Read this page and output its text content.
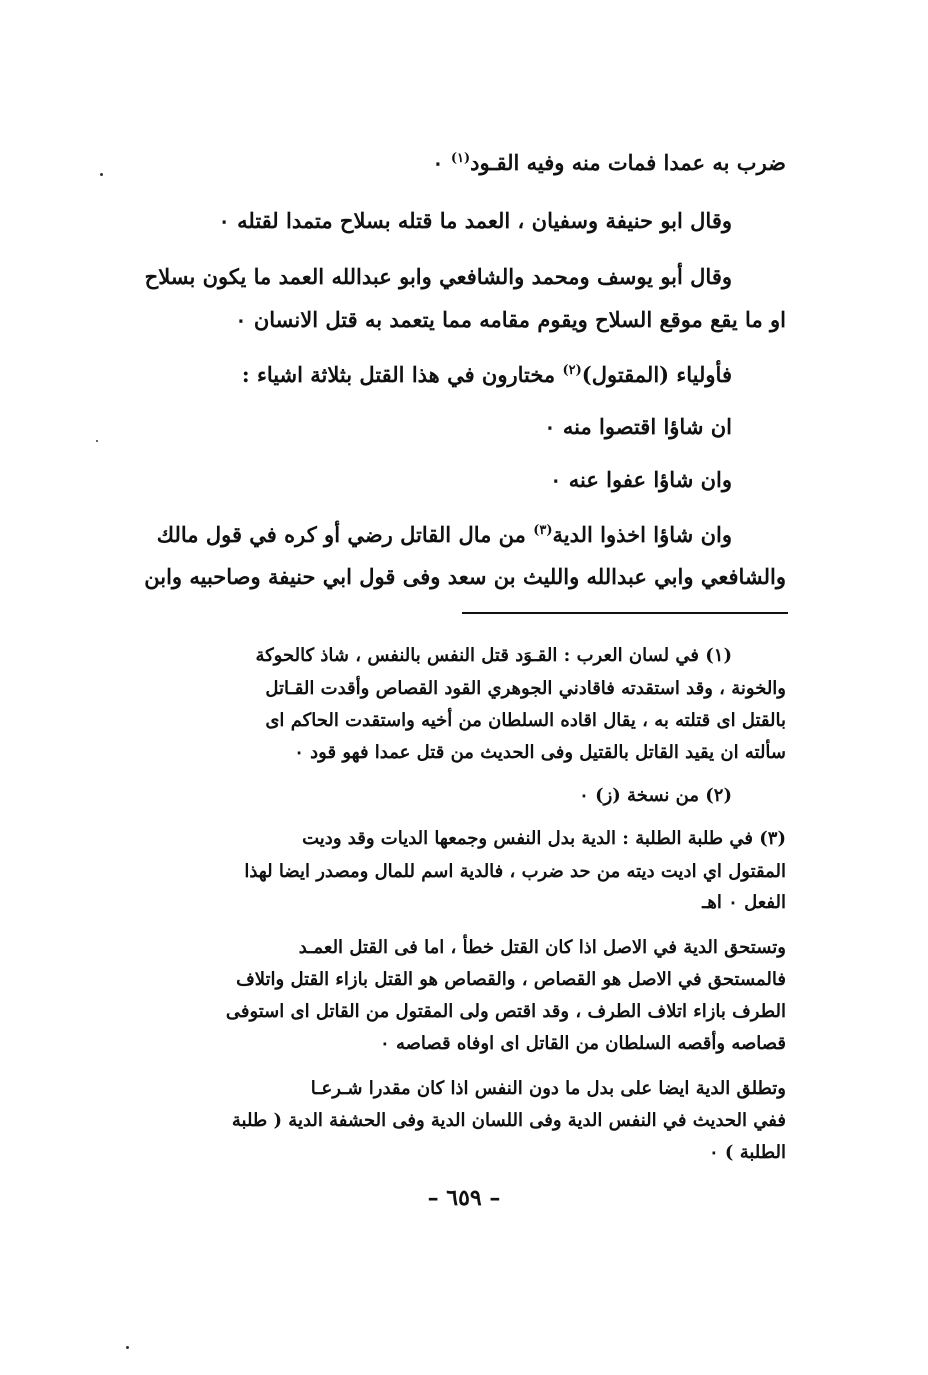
ضرب به عمدا فمات منه وفيه القـود$^{(١)}$ ٠
وقال ابو حنيفة وسفيان ، العمد ما قتله بسلاح متمدا لقتله ٠
وقال أبو يوسف ومحمد والشافعي وابو عبدالله العمد ما يكون بسلاح
او ما يقع موقع السلاح ويقوم مقامه مما يتعمد به قتل الانسان ٠
فأولياء (المقتول)$^{(٢)}$ مختارون في هذا القتل بثلاثة اشياء :
ان شاؤا اقتصوا منه ٠
وان شاؤا عفوا عنه ٠
وان شاؤا اخذوا الدية$^{(٣)}$ من مال القاتل رضي أو كره في قول مالك
والشافعي وابي عبدالله والليث بن سعد وفى قول ابي حنيفة وصاحبيه وابن
(١) في لسان العرب : القـوَد قتل النفس بالنفس ، شاذ كالحوكة
والخونة ، وقد استقدته فاقادني الجوهري القود القصاص وأقدت القـاتل
بالقتل اى قتلته به ، يقال اقاده السلطان من أخيه واستقدت الحاكم اى
سألته ان يقيد القاتل بالقتيل وفى الحديث من قتل عمدا فهو قود ٠
(٢) من نسخة (ز) ٠
(٣) في طلبة الطلبة : الدية بدل النفس وجمعها الديات وقد وديت
المقتول اي اديت ديته من حد ضرب ، فالدية اسم للمال ومصدر ايضا لهذا
الفعل ٠ اهـ
وتستحق الدية في الاصل اذا كان القتل خطأ ، اما فى القتل العمـد
فالمستحق في الاصل هو القصاص ، والقصاص هو القتل بازاء القتل واتلاف
الطرف بازاء اتلاف الطرف ، وقد اقتص ولى المقتول من القاتل اى استوفى
قصاصه وأقصه السلطان من القاتل اى اوفاه قصاصه ٠
وتطلق الدية ايضا على بدل ما دون النفس اذا كان مقدرا شـرعـا
ففي الحديث في النفس الدية وفى اللسان الدية وفى الحشفة الدية ( طلبة
الطلبة ) ٠
– ٦٥٩ –
